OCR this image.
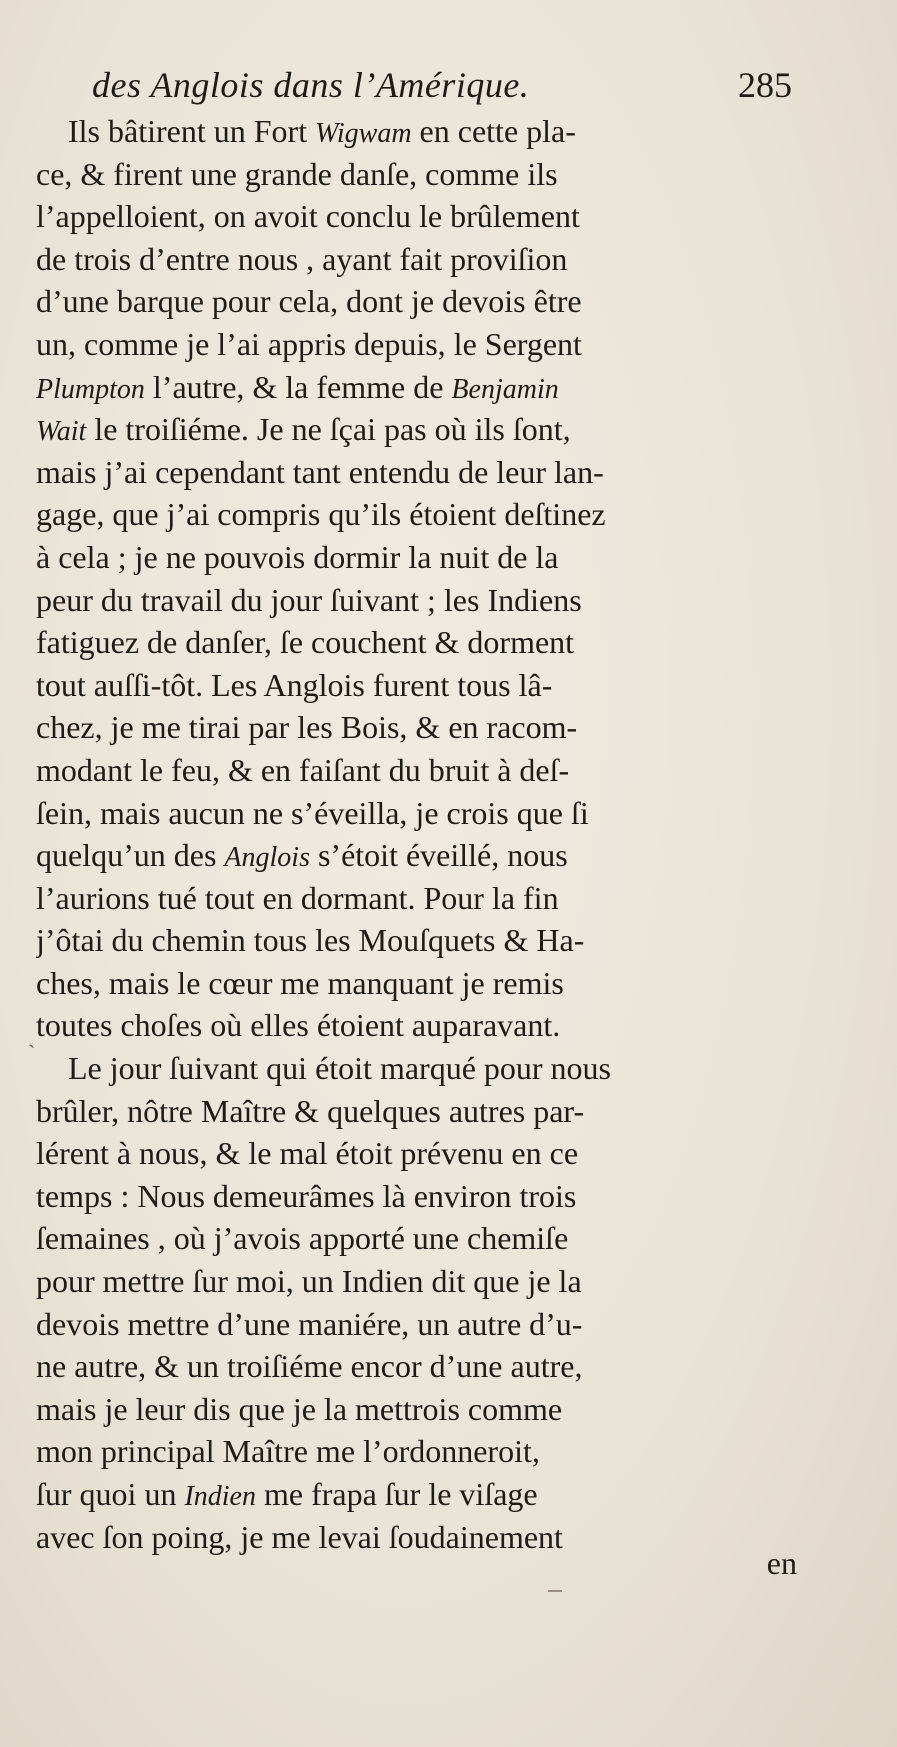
des Anglois dans l’Amérique.	285
Ils bâtirent un Fort Wigwam en cette pla-
ce, & firent une grande danſe, comme ils
l’appelloient, on avoit conclu le brûlement
de trois d’entre nous , ayant fait proviſion
d’une barque pour cela, dont je devois être
un, comme je l’ai appris depuis, le Sergent
Plumpton l’autre, & la femme de Benjamin
Wait le troiſiéme. Je ne ſçai pas où ils ſont,
mais j’ai cependant tant entendu de leur lan-
gage, que j’ai compris qu’ils étoient deſtinez
à cela ; je ne pouvois dormir la nuit de la
peur du travail du jour ſuivant ; les Indiens
fatiguez de danſer, ſe couchent & dorment
tout auſſi-tôt. Les Anglois furent tous lâ-
chez, je me tirai par les Bois, & en racom-
modant le feu, & en faiſant du bruit à deſ-
ſein, mais aucun ne s’éveilla, je crois que ſi
quelqu’un des Anglois s’étoit éveillé, nous
l’aurions tué tout en dormant. Pour la fin
j’ôtai du chemin tous les Mouſquets & Ha-
ches, mais le cœur me manquant je remis
toutes choſes où elles étoient auparavant.
Le jour ſuivant qui étoit marqué pour nous
brûler, nôtre Maître & quelques autres par-
lérent à nous, & le mal étoit prévenu en ce
temps : Nous demeurâmes là environ trois
ſemaines , où j’avois apporté une chemiſe
pour mettre ſur moi, un Indien dit que je la
devois mettre d’une maniére, un autre d’u-
ne autre, & un troiſiéme encor d’une autre,
mais je leur dis que je la mettrois comme
mon principal Maître me l’ordonneroit,
ſur quoi un Indien me frapa ſur le viſage
avec ſon poing, je me levai ſoudainement
`
en
